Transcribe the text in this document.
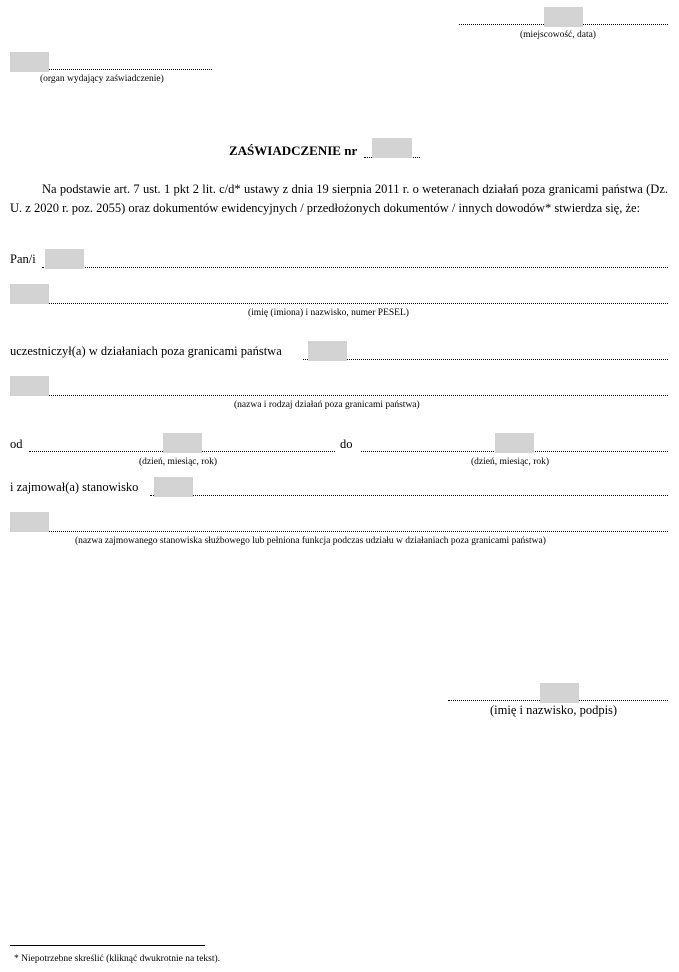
(miejscowość, data)
(organ wydający zaświadczenie)
ZAŚWIADCZENIE nr
Na podstawie art. 7 ust. 1 pkt 2 lit. c/d* ustawy z dnia 19 sierpnia 2011 r. o weteranach działań poza granicami państwa (Dz. U. z 2020 r. poz. 2055) oraz dokumentów ewidencyjnych / przedłożonych dokumentów / innych dowodów* stwierdza się, że:
Pan/i
(imię (imiona) i nazwisko, numer PESEL)
uczestniczył(a) w działaniach poza granicami państwa
(nazwa i rodzaj działań poza granicami państwa)
od
(dzień, miesiąc, rok)
do
(dzień, miesiąc, rok)
i zajmował(a) stanowisko
(nazwa zajmowanego stanowiska służbowego lub pełniona funkcja podczas udziału w działaniach poza granicami państwa)
(imię i nazwisko, podpis)
* Niepotrzebne skreślić (kliknąć dwukrotnie na tekst).
